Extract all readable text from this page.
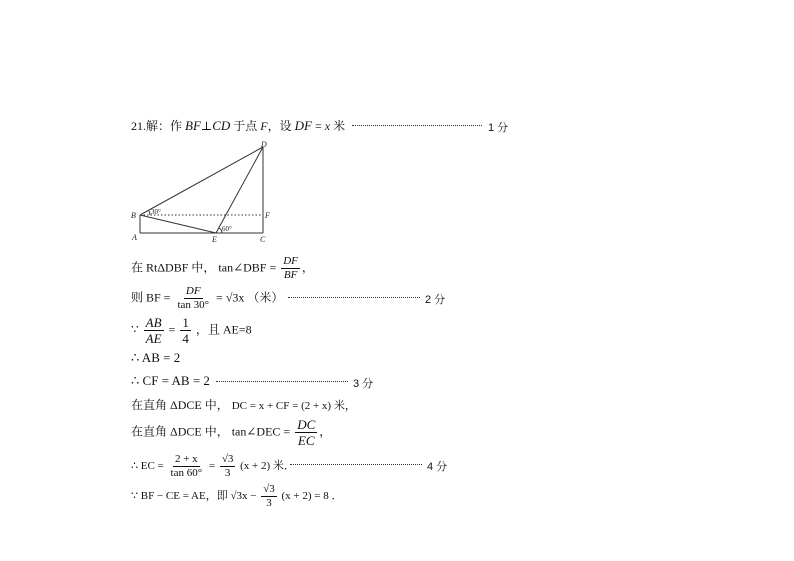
21.解：作 BF⊥CD 于点 F，设 DF = x 米	1 分
D
B	F
A	E	C
30°
60°
在 RtΔDBF 中， tan∠DBF = $\frac{DF}{BF}$ ，
则 BF = $\frac{DF}{\tan 30^\circ} = √3x$ （米）	2 分
∵ $\frac{AB}{AE} = \frac{1}{4}$ ，且 AE=8
∴ AB = 2
∴ CF = AB = 2	3 分
在直角 ΔDCE 中， DC = x + CF = (2 + x) 米，
在直角 ΔDCE 中， tan∠DEC = $\frac{DC}{EC}$ ，
∴ EC = $\frac{2 + x}{\tan 60^\circ} = \frac{√3}{3} (x + 2)$ 米．	4 分
∵ BF − CE = AE，即 $√3x - \frac{√3}{3} (x + 2) = 8$ ．
